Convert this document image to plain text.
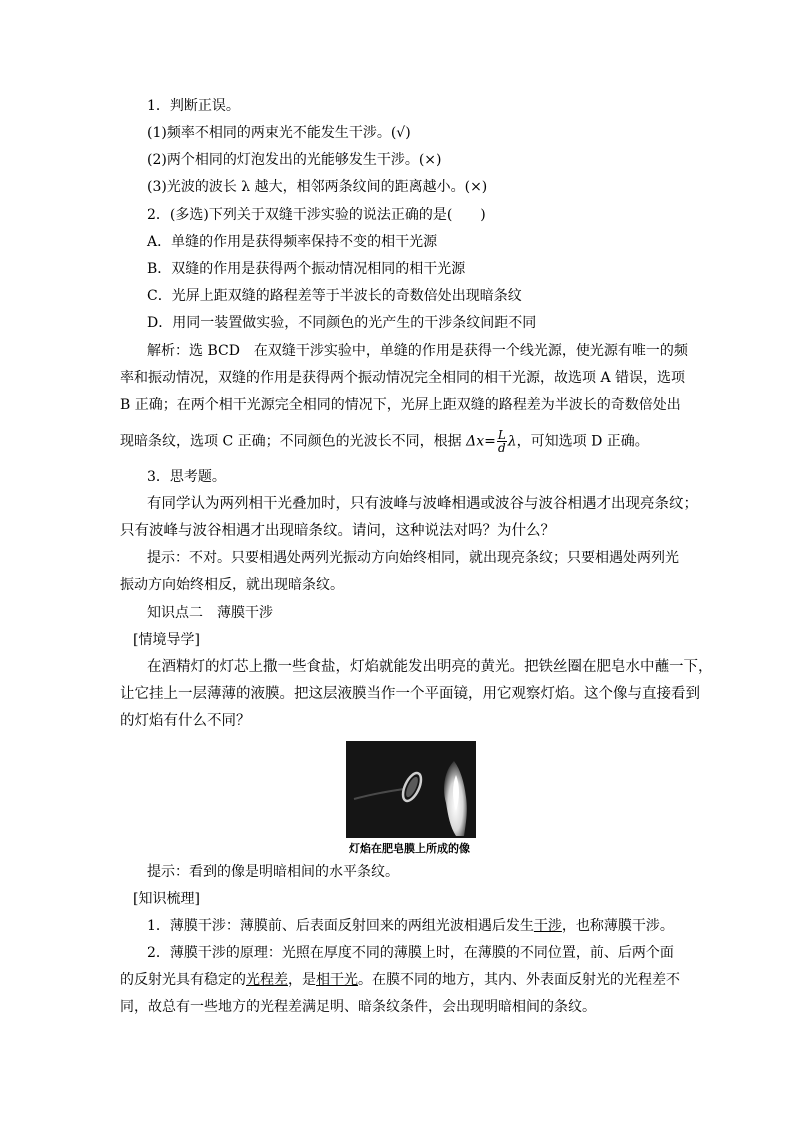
1．判断正误。
(1)频率不相同的两束光不能发生干涉。(√)
(2)两个相同的灯泡发出的光能够发生干涉。(×)
(3)光波的波长 λ 越大，相邻两条纹间的距离越小。(×)
2．(多选)下列关于双缝干涉实验的说法正确的是(　　)
A．单缝的作用是获得频率保持不变的相干光源
B．双缝的作用是获得两个振动情况相同的相干光源
C．光屏上距双缝的路程差等于半波长的奇数倍处出现暗条纹
D．用同一装置做实验，不同颜色的光产生的干涉条纹间距不同
解析：选 BCD　在双缝干涉实验中，单缝的作用是获得一个线光源，使光源有唯一的频
率和振动情况，双缝的作用是获得两个振动情况完全相同的相干光源，故选项 A 错误，选项
B 正确；在两个相干光源完全相同的情况下，光屏上距双缝的路程差为半波长的奇数倍处出
现暗条纹，选项 C 正确；不同颜色的光波长不同，根据 $\Delta x= \frac{L}{d}$ λ，可知选项 D 正确。
3．思考题。
有同学认为两列相干光叠加时，只有波峰与波峰相遇或波谷与波谷相遇才出现亮条纹；
只有波峰与波谷相遇才出现暗条纹。请问，这种说法对吗？为什么？
提示：不对。只要相遇处两列光振动方向始终相同，就出现亮条纹；只要相遇处两列光
振动方向始终相反，就出现暗条纹。
知识点二　薄膜干涉
[情境导学]
在酒精灯的灯芯上撒一些食盐，灯焰就能发出明亮的黄光。把铁丝圈在肥皂水中蘸一下，
让它挂上一层薄薄的液膜。把这层液膜当作一个平面镜，用它观察灯焰。这个像与直接看到
的灯焰有什么不同？
灯焰在肥皂膜上所成的像
提示：看到的像是明暗相间的水平条纹。
[知识梳理]
1．薄膜干涉：薄膜前、后表面反射回来的两组光波相遇后发生干涉，也称薄膜干涉。
2．薄膜干涉的原理：光照在厚度不同的薄膜上时，在薄膜的不同位置，前、后两个面
的反射光具有稳定的光程差，是相干光。在膜不同的地方，其内、外表面反射光的光程差不
同，故总有一些地方的光程差满足明、暗条纹条件，会出现明暗相间的条纹。
